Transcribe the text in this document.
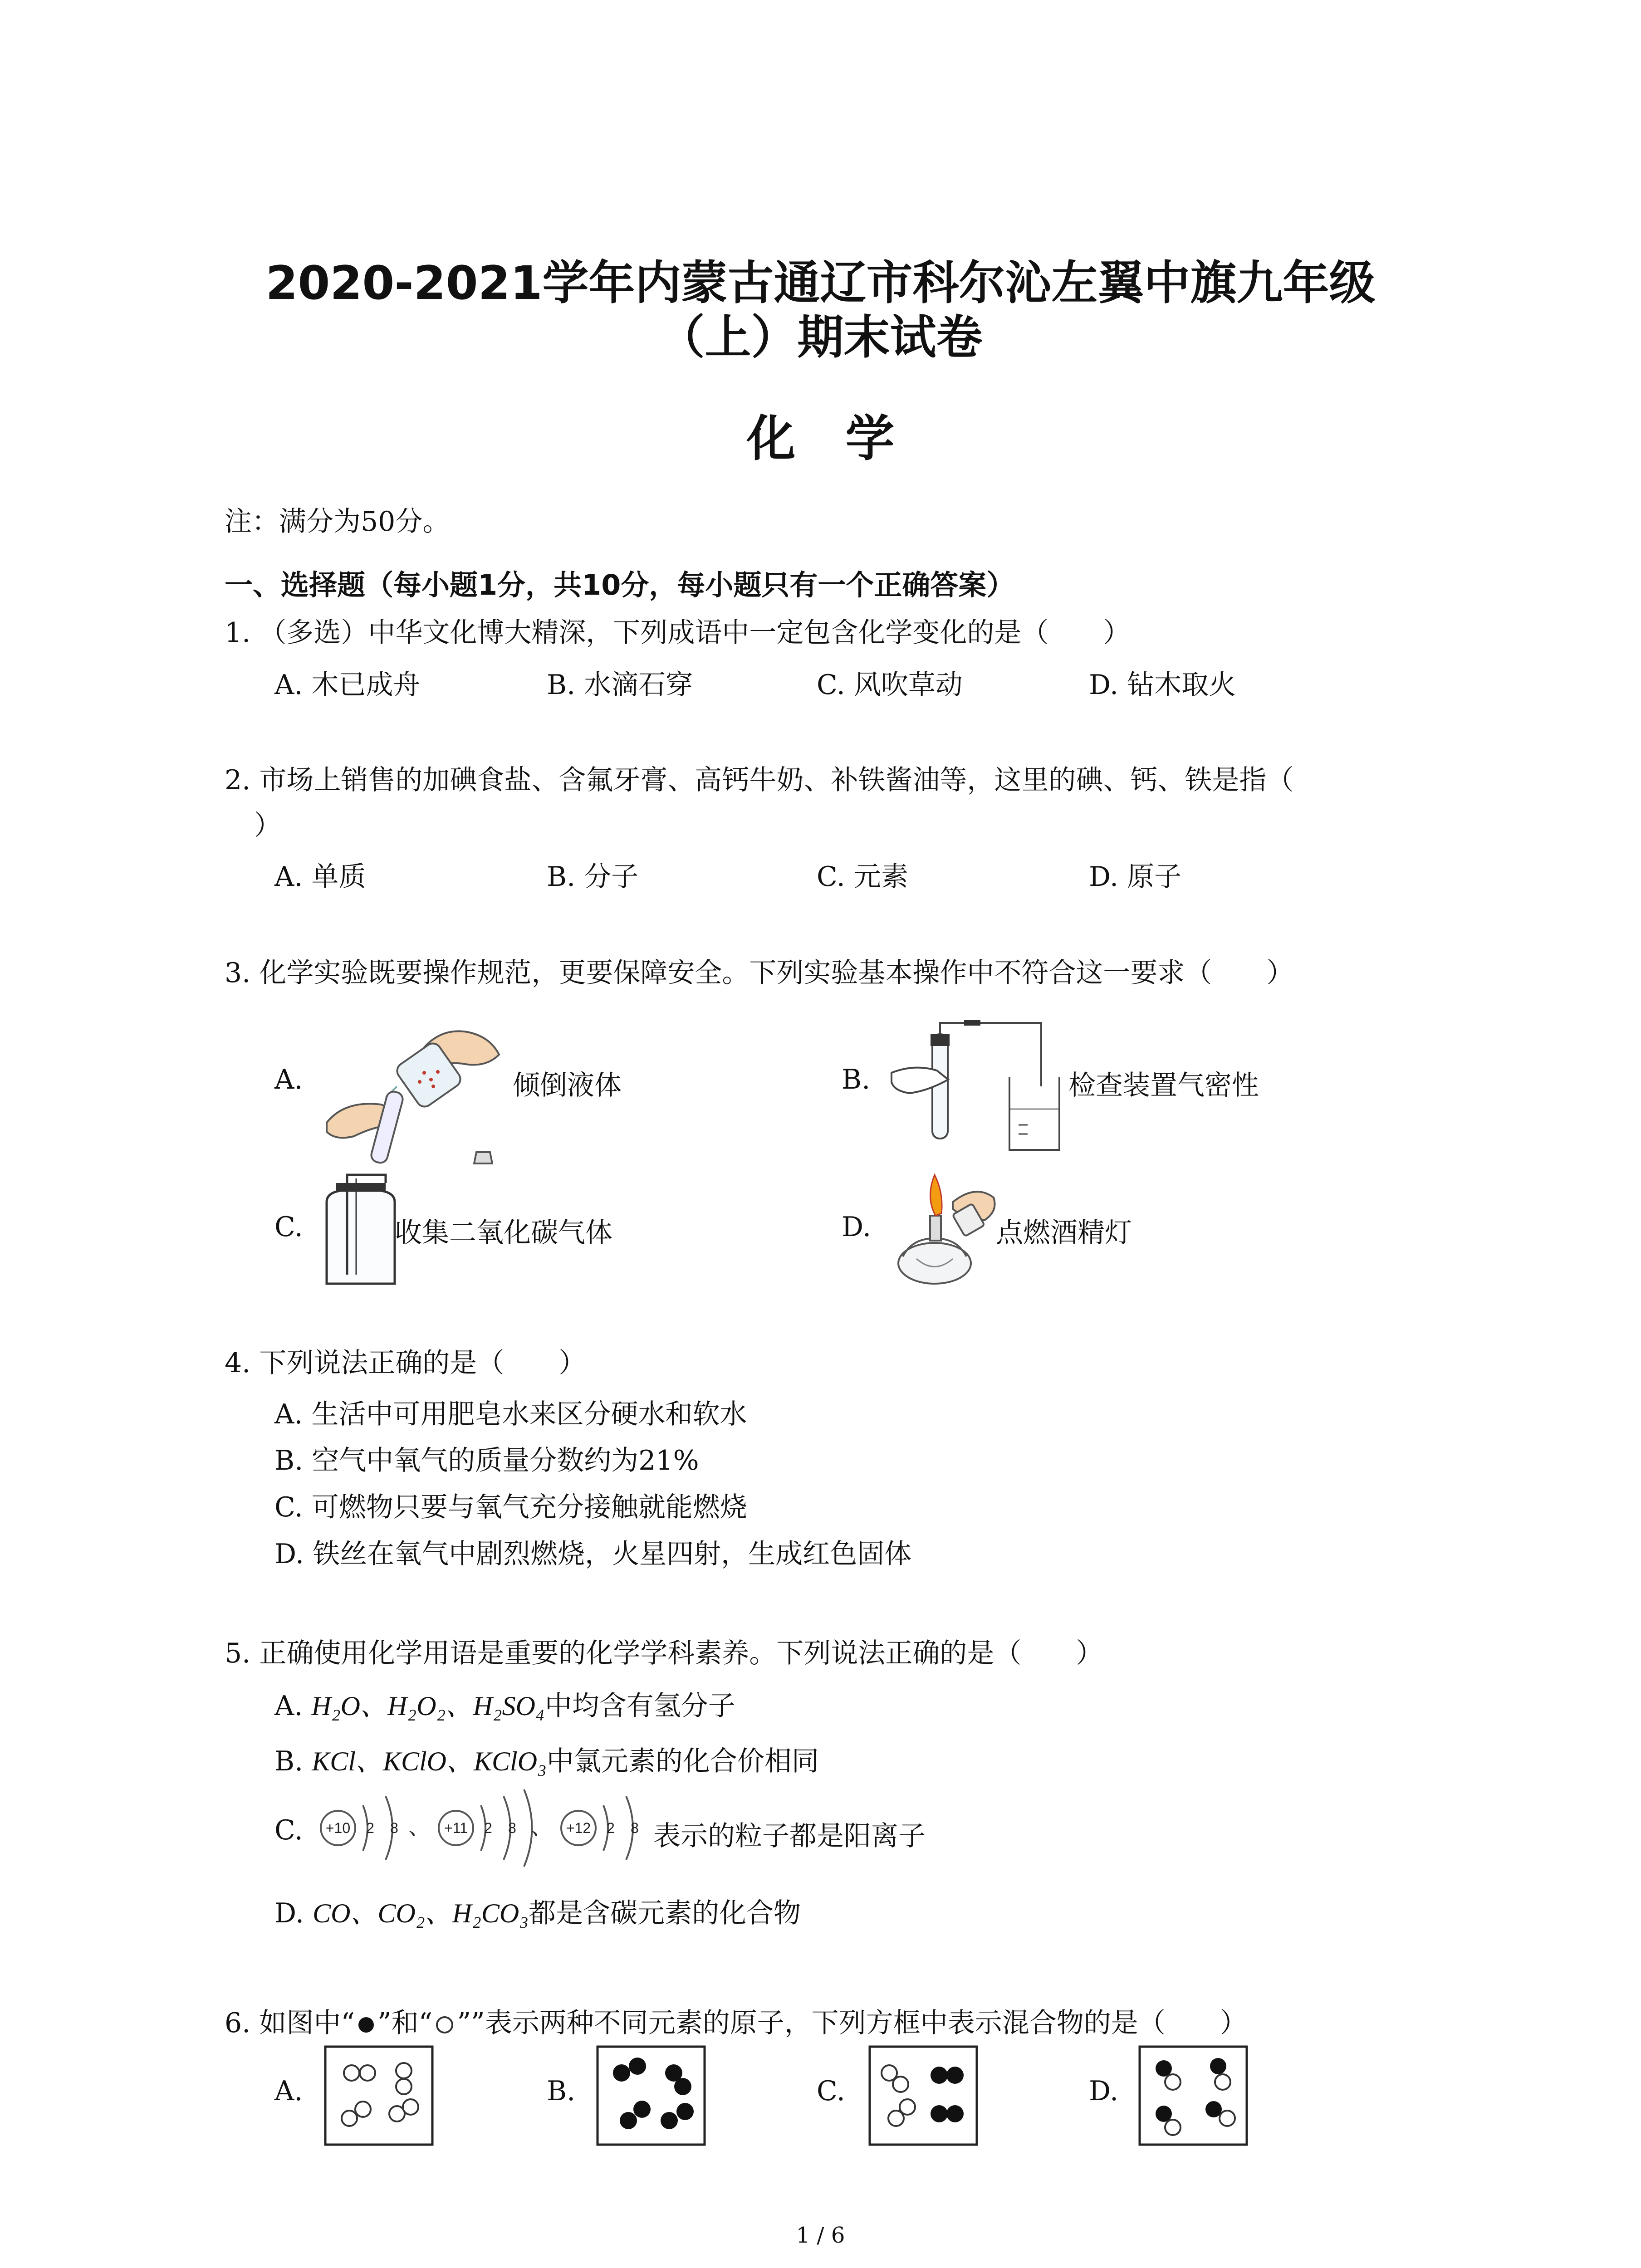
2020-2021学年内蒙古通辽市科尔沁左翼中旗九年级
（上）期末试卷
化学
注：满分为50分。
一、选择题（每小题1分，共10分，每小题只有一个正确答案）
1. （多选）中华文化博大精深，下列成语中一定包含化学变化的是（　　）
A. 木已成舟	B. 水滴石穿	C. 风吹草动	D. 钻木取火
2. 市场上销售的加碘食盐、含氟牙膏、高钙牛奶、补铁酱油等，这里的碘、钙、铁是指（
）
A. 单质	B. 分子	C. 元素	D. 原子
3. 化学实验既要操作规范，更要保障安全。下列实验基本操作中不符合这一要求（　　）
A.	倾倒液体	B.	检查装置气密性
C.	收集二氧化碳气体	D.	点燃酒精灯
4. 下列说法正确的是（　　）
A. 生活中可用肥皂水来区分硬水和软水
B. 空气中氧气的质量分数约为21%
C. 可燃物只要与氧气充分接触就能燃烧
D. 铁丝在氧气中剧烈燃烧，火星四射，生成红色固体
5. 正确使用化学用语是重要的化学学科素养。下列说法正确的是（　　）
A. H₂O、H₂O₂、H₂SO₄中均含有氢分子
B. KCl、KClO、KClO₃中氯元素的化合价相同
C. +10 2 8 、 +11 2 8 、 +12 2 8 表示的粒子都是阳离子
D. CO、CO₂、H₂CO₃都是含碳元素的化合物
6. 如图中“ ”和“ ””表示两种不同元素的原子，下列方框中表示混合物的是（　　）
A.	B.	C.	D.
1 / 6
